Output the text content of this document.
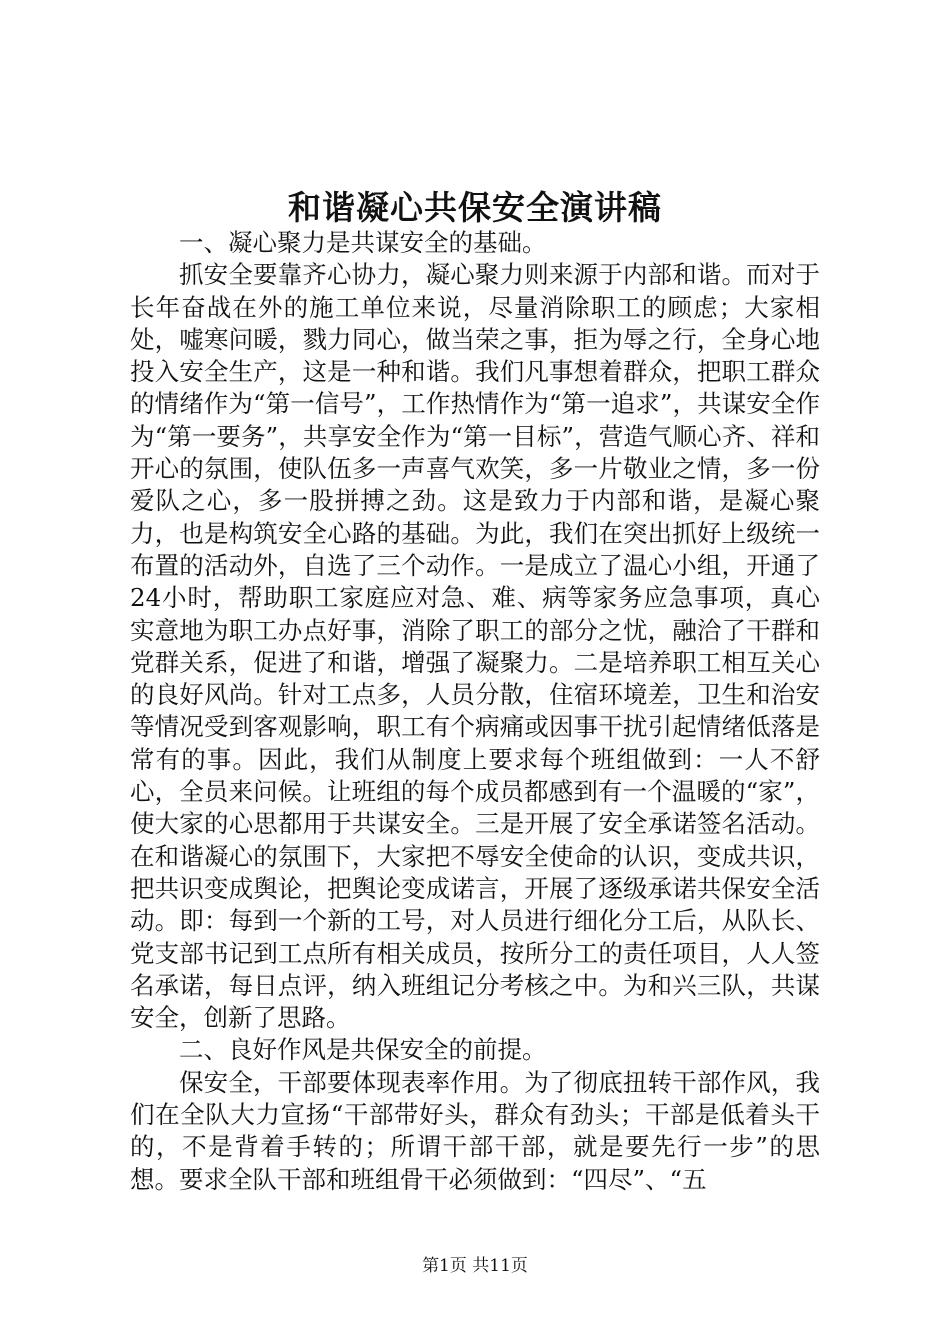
和谐凝心共保安全演讲稿

一、凝心聚力是共谋安全的基础。

抓安全要靠齐心协力，凝心聚力则来源于内部和谐。而对于长年奋战在外的施工单位来说，尽量消除职工的顾虑；大家相处，嘘寒问暖，戮力同心，做当荣之事，拒为辱之行，全身心地投入安全生产，这是一种和谐。我们凡事想着群众，把职工群众的情绪作为“第一信号”，工作热情作为“第一追求”，共谋安全作为“第一要务”，共享安全作为“第一目标”，营造气顺心齐、祥和开心的氛围，使队伍多一声喜气欢笑，多一片敬业之情，多一份爱队之心，多一股拼搏之劲。这是致力于内部和谐，是凝心聚力，也是构筑安全心路的基础。为此，我们在突出抓好上级统一布置的活动外，自选了三个动作。一是成立了温心小组，开通了24小时，帮助职工家庭应对急、难、病等家务应急事项，真心实意地为职工办点好事，消除了职工的部分之忧，融洽了干群和党群关系，促进了和谐，增强了凝聚力。二是培养职工相互关心的良好风尚。针对工点多，人员分散，住宿环境差，卫生和治安等情况受到客观影响，职工有个病痛或因事干扰引起情绪低落是常有的事。因此，我们从制度上要求每个班组做到：一人不舒心，全员来问候。让班组的每个成员都感到有一个温暖的“家”，使大家的心思都用于共谋安全。三是开展了安全承诺签名活动。在和谐凝心的氛围下，大家把不辱安全使命的认识，变成共识，把共识变成舆论，把舆论变成诺言，开展了逐级承诺共保安全活动。即：每到一个新的工号，对人员进行细化分工后，从队长、党支部书记到工点所有相关成员，按所分工的责任项目，人人签名承诺，每日点评，纳入班组记分考核之中。为和兴三队，共谋安全，创新了思路。

二、良好作风是共保安全的前提。

保安全，干部要体现表率作用。为了彻底扭转干部作风，我们在全队大力宣扬“干部带好头，群众有劲头；干部是低着头干的，不是背着手转的；所谓干部干部，就是要先行一步”的思想。要求全队干部和班组骨干必须做到：“四尽”、“五

第1页 共11页
